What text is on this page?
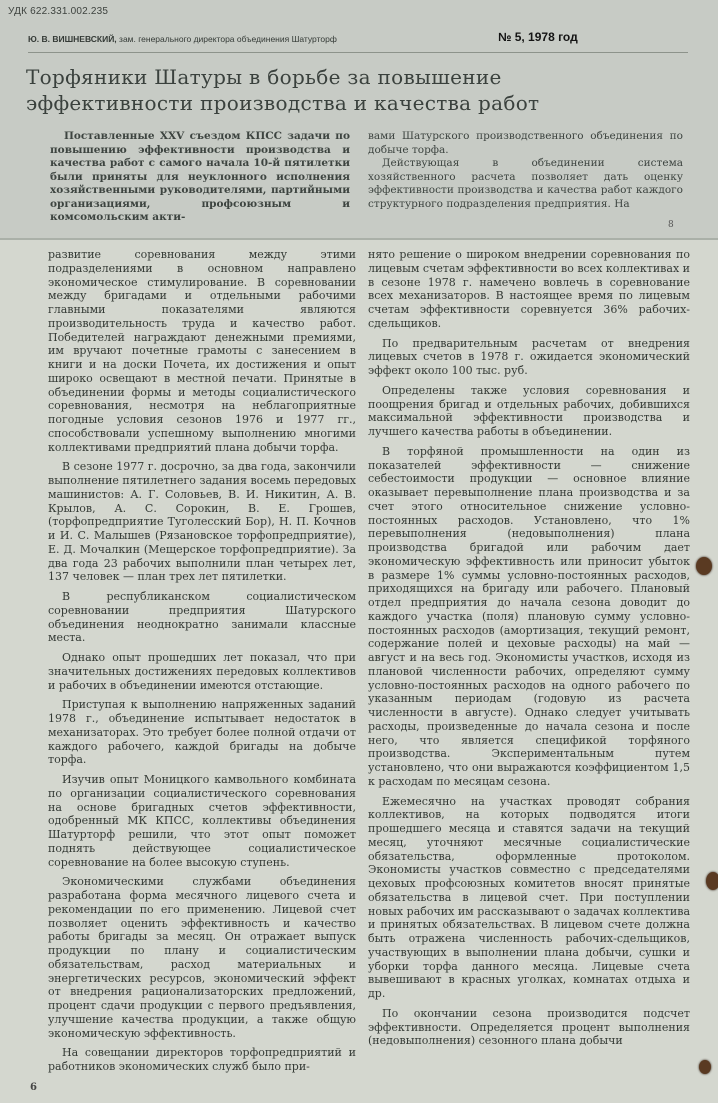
УДК 622.331.002.235
№ 5, 1978 год
Ю. В. ВИШНЕВСКИЙ, зам. генерального директора объединения Шатурторф
Торфяники Шатуры в борьбе за повышение эффективности производства и качества работ

Поставленные XXV съездом КПСС задачи по повышению эффективности производства и качества работ с самого начала 10-й пятилетки были приняты для неуклонного исполнения хозяйственными руководителями, партийными организациями, профсоюзным и комсомольским акти-

вами Шатурского производственного объединения по добыче торфа.

Действующая в объединении система хозяйственного расчета позволяет дать оценку эффективности производства и качества работ каждого структурного подразделения предприятия. На

8

развитие соревнования между этими подразделениями в основном направлено экономическое стимулирование. В соревновании между бригадами и отдельными рабочими главными показателями являются производительность труда и качество работ. Победителей награждают денежными премиями, им вручают почетные грамоты с занесением в книги и на доски Почета, их достижения и опыт широко освещают в местной печати. Принятые в объединении формы и методы социалистического соревнования, несмотря на неблагоприятные погодные условия сезонов 1976 и 1977 гг., способствовали успешному выполнению многими коллективами предприятий плана добычи торфа.

В сезоне 1977 г. досрочно, за два года, закончили выполнение пятилетнего задания восемь передовых машинистов: А. Г. Соловьев, В. И. Никитин, А. В. Крылов, А. С. Сорокин, В. Е. Грошев, (торфопредприятие Туголесский Бор), Н. П. Кочнов и И. С. Малышев (Рязановское торфопредприятие), Е. Д. Мочалкин (Мещерское торфопредприятие). За два года 23 рабочих выполнили план четырех лет, 137 человек — план трех лет пятилетки.

В республиканском социалистическом соревновании предприятия Шатурского объединения неоднократно занимали классные места.

Однако опыт прошедших лет показал, что при значительных достижениях передовых коллективов и рабочих в объединении имеются отстающие.

Приступая к выполнению напряженных заданий 1978 г., объединение испытывает недостаток в механизаторах. Это требует более полной отдачи от каждого рабочего, каждой бригады на добыче торфа.

Изучив опыт Моницкого камвольного комбината по организации социалистического соревнования на основе бригадных счетов эффективности, одобренный МК КПСС, коллективы объединения Шатурторф решили, что этот опыт поможет поднять действующее социалистическое соревнование на более высокую ступень.

Экономическими службами объединения разработана форма месячного лицевого счета и рекомендации по его применению. Лицевой счет позволяет оценить эффективность и качество работы бригады за месяц. Он отражает выпуск продукции по плану и социалистическим обязательствам, расход материальных и энергетических ресурсов, экономический эффект от внедрения рационализаторских предложений, процент сдачи продукции с первого предъявления, улучшение качества продукции, а также общую экономическую эффективность.

На совещании директоров торфопредприятий и работников экономических служб было при-

нято решение о широком внедрении соревнования по лицевым счетам эффективности во всех коллективах и в сезоне 1978 г. намечено вовлечь в соревнование всех механизаторов. В настоящее время по лицевым счетам эффективности соревнуется 36% рабочих-сдельщиков.

По предварительным расчетам от внедрения лицевых счетов в 1978 г. ожидается экономический эффект около 100 тыс. руб.

Определены также условия соревнования и поощрения бригад и отдельных рабочих, добившихся максимальной эффективности производства и лучшего качества работы в объединении.

В торфяной промышленности на один из показателей эффективности — снижение себестоимости продукции — основное влияние оказывает перевыполнение плана производства и за счет этого относительное снижение условно-постоянных расходов. Установлено, что 1% перевыполнения (недовыполнения) плана производства бригадой или рабочим дает экономическую эффективность или приносит убыток в размере 1% суммы условно-постоянных расходов, приходящихся на бригаду или рабочего. Плановый отдел предприятия до начала сезона доводит до каждого участка (поля) плановую сумму условно-постоянных расходов (амортизация, текущий ремонт, содержание полей и цеховые расходы) на май — август и на весь год. Экономисты участков, исходя из плановой численности рабочих, определяют сумму условно-постоянных расходов на одного рабочего по указанным периодам (годовую из расчета численности в августе). Однако следует учитывать расходы, произведенные до начала сезона и после него, что является спецификой торфяного производства. Экспериментальным путем установлено, что они выражаются коэффициентом 1,5 к расходам по месяцам сезона.

Ежемесячно на участках проводят собрания коллективов, на которых подводятся итоги прошедшего месяца и ставятся задачи на текущий месяц, уточняют месячные социалистические обязательства, оформленные протоколом. Экономисты участков совместно с председателями цеховых профсоюзных комитетов вносят принятые обязательства в лицевой счет. При поступлении новых рабочих им рассказывают о задачах коллектива и принятых обязательствах. В лицевом счете должна быть отражена численность рабочих-сдельщиков, участвующих в выполнении плана добычи, сушки и уборки торфа данного месяца. Лицевые счета вывешивают в красных уголках, комнатах отдыха и др.

По окончании сезона производится подсчет эффективности. Определяется процент выполнения (недовыполнения) сезонного плана добычи

6
